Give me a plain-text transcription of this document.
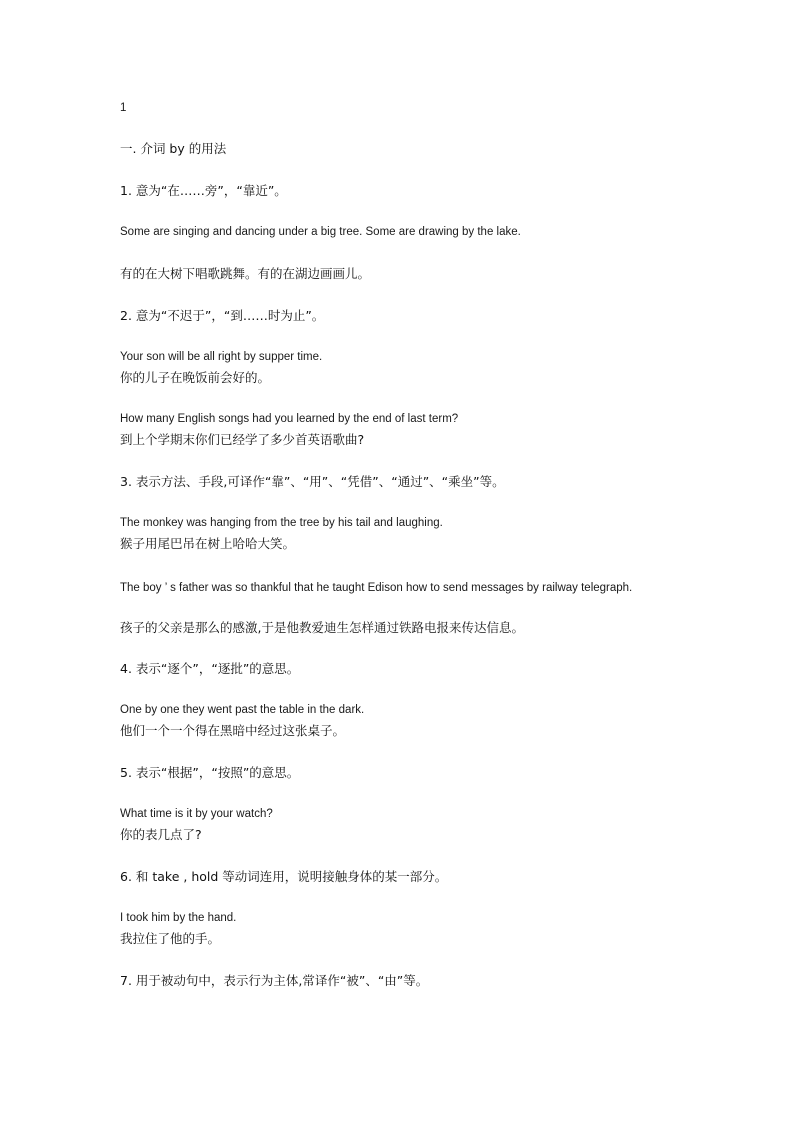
1

一. 介词 by 的用法

1. 意为“在……旁”，“靠近”。

Some are singing and dancing under a big tree. Some are drawing by the lake.

有的在大树下唱歌跳舞。有的在湖边画画儿。

2. 意为“不迟于”，“到……时为止”。

Your son will be all right by supper time.

你的儿子在晚饭前会好的。

How many English songs had you learned by the end of last term?

到上个学期末你们已经学了多少首英语歌曲?

3. 表示方法、手段,可译作“靠”、“用”、“凭借”、“通过”、“乘坐”等。

The monkey was hanging from the tree by his tail and laughing.

猴子用尾巴吊在树上哈哈大笑。

The boy ’ s father was so thankful that he taught Edison how to send messages by railway telegraph.

孩子的父亲是那么的感激,于是他教爱迪生怎样通过铁路电报来传达信息。

4. 表示“逐个”，“逐批”的意思。

One by one they went past the table in the dark.

他们一个一个得在黑暗中经过这张桌子。

5. 表示“根据”，“按照”的意思。

What time is it by your watch?

你的表几点了?

6. 和 take , hold 等动词连用，说明接触身体的某一部分。

I took him by the hand.

我拉住了他的手。

7. 用于被动句中，表示行为主体,常译作“被”、“由”等。
